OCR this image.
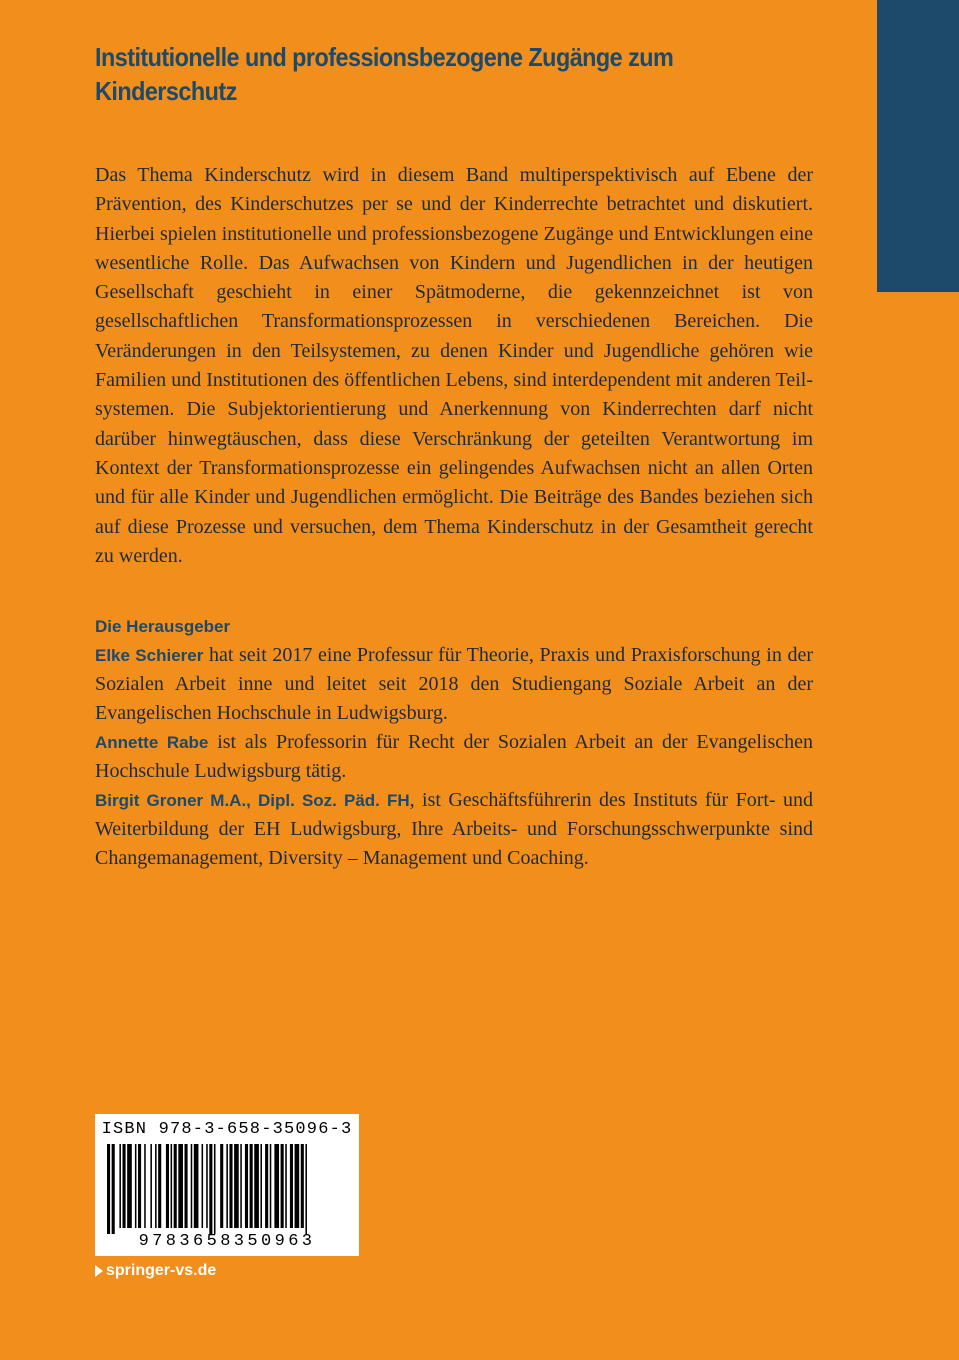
Institutionelle und professionsbezogene Zugänge zum Kinderschutz

Das Thema Kinderschutz wird in diesem Band multiperspektivisch auf Ebene der Prävention, des Kinderschutzes per se und der Kinderrechte betrachtet und diskutiert. Hierbei spielen institutionelle und professionsbezogene Zugänge und Entwicklungen eine wesentliche Rolle. Das Aufwachsen von Kindern und Jugendlichen in der heutigen Gesellschaft geschieht in einer Spätmoderne, die gekennzeichnet ist von gesellschaftlichen Transformationsprozessen in verschiedenen Bereichen. Die Veränderungen in den Teilsystemen, zu denen Kinder und Jugendliche gehören wie Familien und Institutionen des öffentlichen Lebens, sind interdependent mit anderen Teilsystemen. Die Subjektorientierung und Anerkennung von Kinderrechten darf nicht darüber hinwegtäuschen, dass diese Verschränkung der geteilten Verantwortung im Kontext der Transformationsprozesse ein gelingendes Aufwachsen nicht an allen Orten und für alle Kinder und Jugendlichen ermöglicht. Die Beiträge des Bandes beziehen sich auf diese Prozesse und versuchen, dem Thema Kinderschutz in der Gesamtheit gerecht zu werden.

Die Herausgeber

Elke Schierer hat seit 2017 eine Professur für Theorie, Praxis und Praxisforschung in der Sozialen Arbeit inne und leitet seit 2018 den Studiengang Soziale Arbeit an der Evangelischen Hochschule in Ludwigsburg.

Annette Rabe ist als Professorin für Recht der Sozialen Arbeit an der Evangelischen Hochschule Ludwigsburg tätig.

Birgit Groner M.A., Dipl. Soz. Päd. FH, ist Geschäftsführerin des Instituts für Fort- und Weiterbildung der EH Ludwigsburg, Ihre Arbeits- und Forschungsschwerpunkte sind Changemanagement, Diversity – Management und Coaching.

ISBN 978-3-658-35096-3
9783658350963
springer-vs.de
